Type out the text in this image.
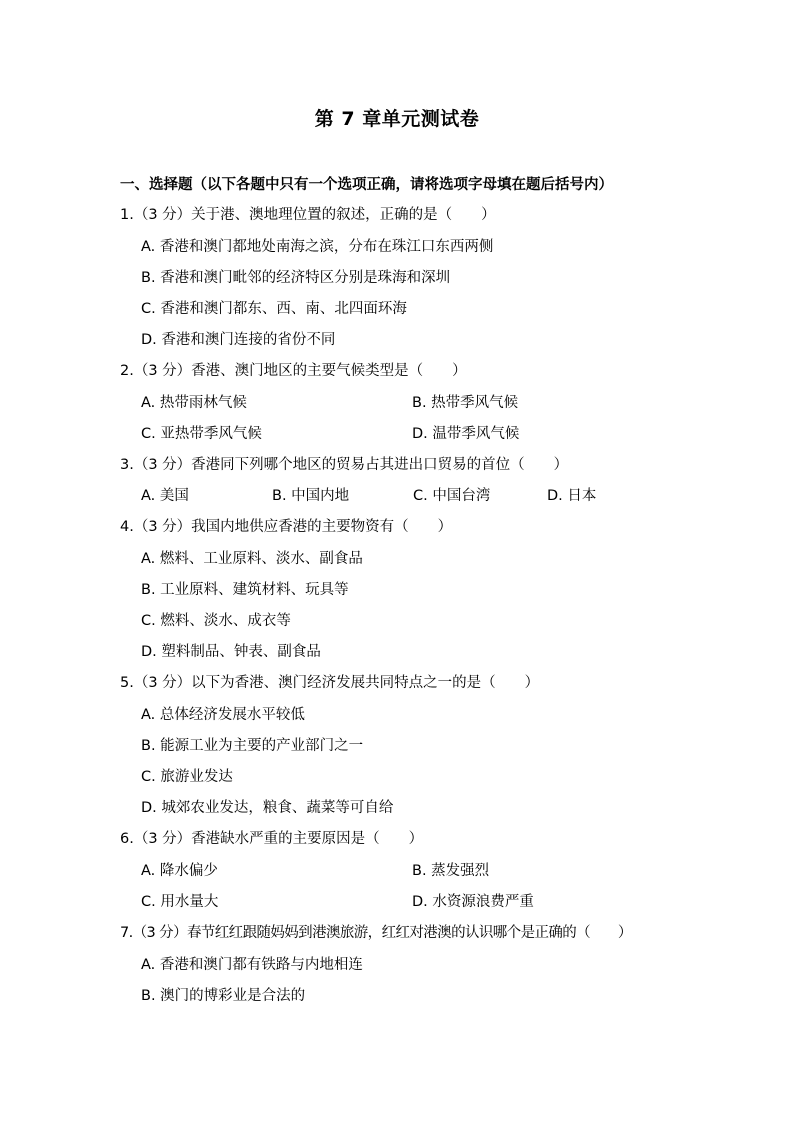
第 7 章单元测试卷
一、选择题（以下各题中只有一个选项正确，请将选项字母填在题后括号内）
1.（3 分）关于港、澳地理位置的叙述，正确的是（　　）
A. 香港和澳门都地处南海之滨，分布在珠江口东西两侧
B. 香港和澳门毗邻的经济特区分别是珠海和深圳
C. 香港和澳门都东、西、南、北四面环海
D. 香港和澳门连接的省份不同
2.（3 分）香港、澳门地区的主要气候类型是（　　）
A. 热带雨林气候	B. 热带季风气候
C. 亚热带季风气候	D. 温带季风气候
3.（3 分）香港同下列哪个地区的贸易占其进出口贸易的首位（　　）
A. 美国	B. 中国内地	C. 中国台湾	D. 日本
4.（3 分）我国内地供应香港的主要物资有（　　）
A. 燃料、工业原料、淡水、副食品
B. 工业原料、建筑材料、玩具等
C. 燃料、淡水、成衣等
D. 塑料制品、钟表、副食品
5.（3 分）以下为香港、澳门经济发展共同特点之一的是（　　）
A. 总体经济发展水平较低
B. 能源工业为主要的产业部门之一
C. 旅游业发达
D. 城郊农业发达，粮食、蔬菜等可自给
6.（3 分）香港缺水严重的主要原因是（　　）
A. 降水偏少	B. 蒸发强烈
C. 用水量大	D. 水资源浪费严重
7.（3 分）春节红红跟随妈妈到港澳旅游，红红对港澳的认识哪个是正确的（　　）
A. 香港和澳门都有铁路与内地相连
B. 澳门的博彩业是合法的
